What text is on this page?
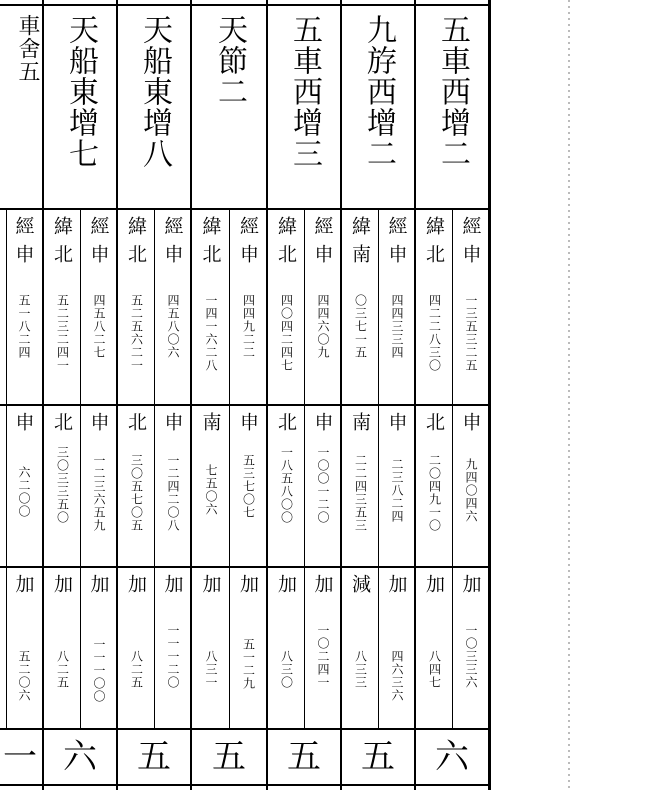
五車西增二
經
申
一三五三二五
緯
北
四二二八三〇
申
九四〇四六
北
二〇四九一〇
加
一〇三三六
加
八四七
六
九斿西增二
經
申
四四三三四
緯
南
〇三七一五
申
二三八二四
南
二二四三五三
加
四六三六
減
八三三
五
五車西增三
經
申
四四六〇九
緯
北
四〇四二四七
申
一〇〇一二〇
北
一八五八〇〇
加
一〇二四一
加
八三〇
五
天節二
經
申
四四九二二
緯
北
一四一六二八
申
五三七〇七
南
七五〇六
加
五一二九
加
八三一
五
天船東增八
經
申
四五八〇六
緯
北
五二五六二一
申
一二四二〇八
北
三〇五七〇五
加
一一一二〇
加
八二五
五
天船東增七
經
申
四五八二七
緯
北
五二三二四一
申
一二三六五九
北
三〇三三五〇
加
一一一〇〇
加
八二五
六
車舍五
經
申
五一八二四
申
六二〇〇
加
五二〇六
一
